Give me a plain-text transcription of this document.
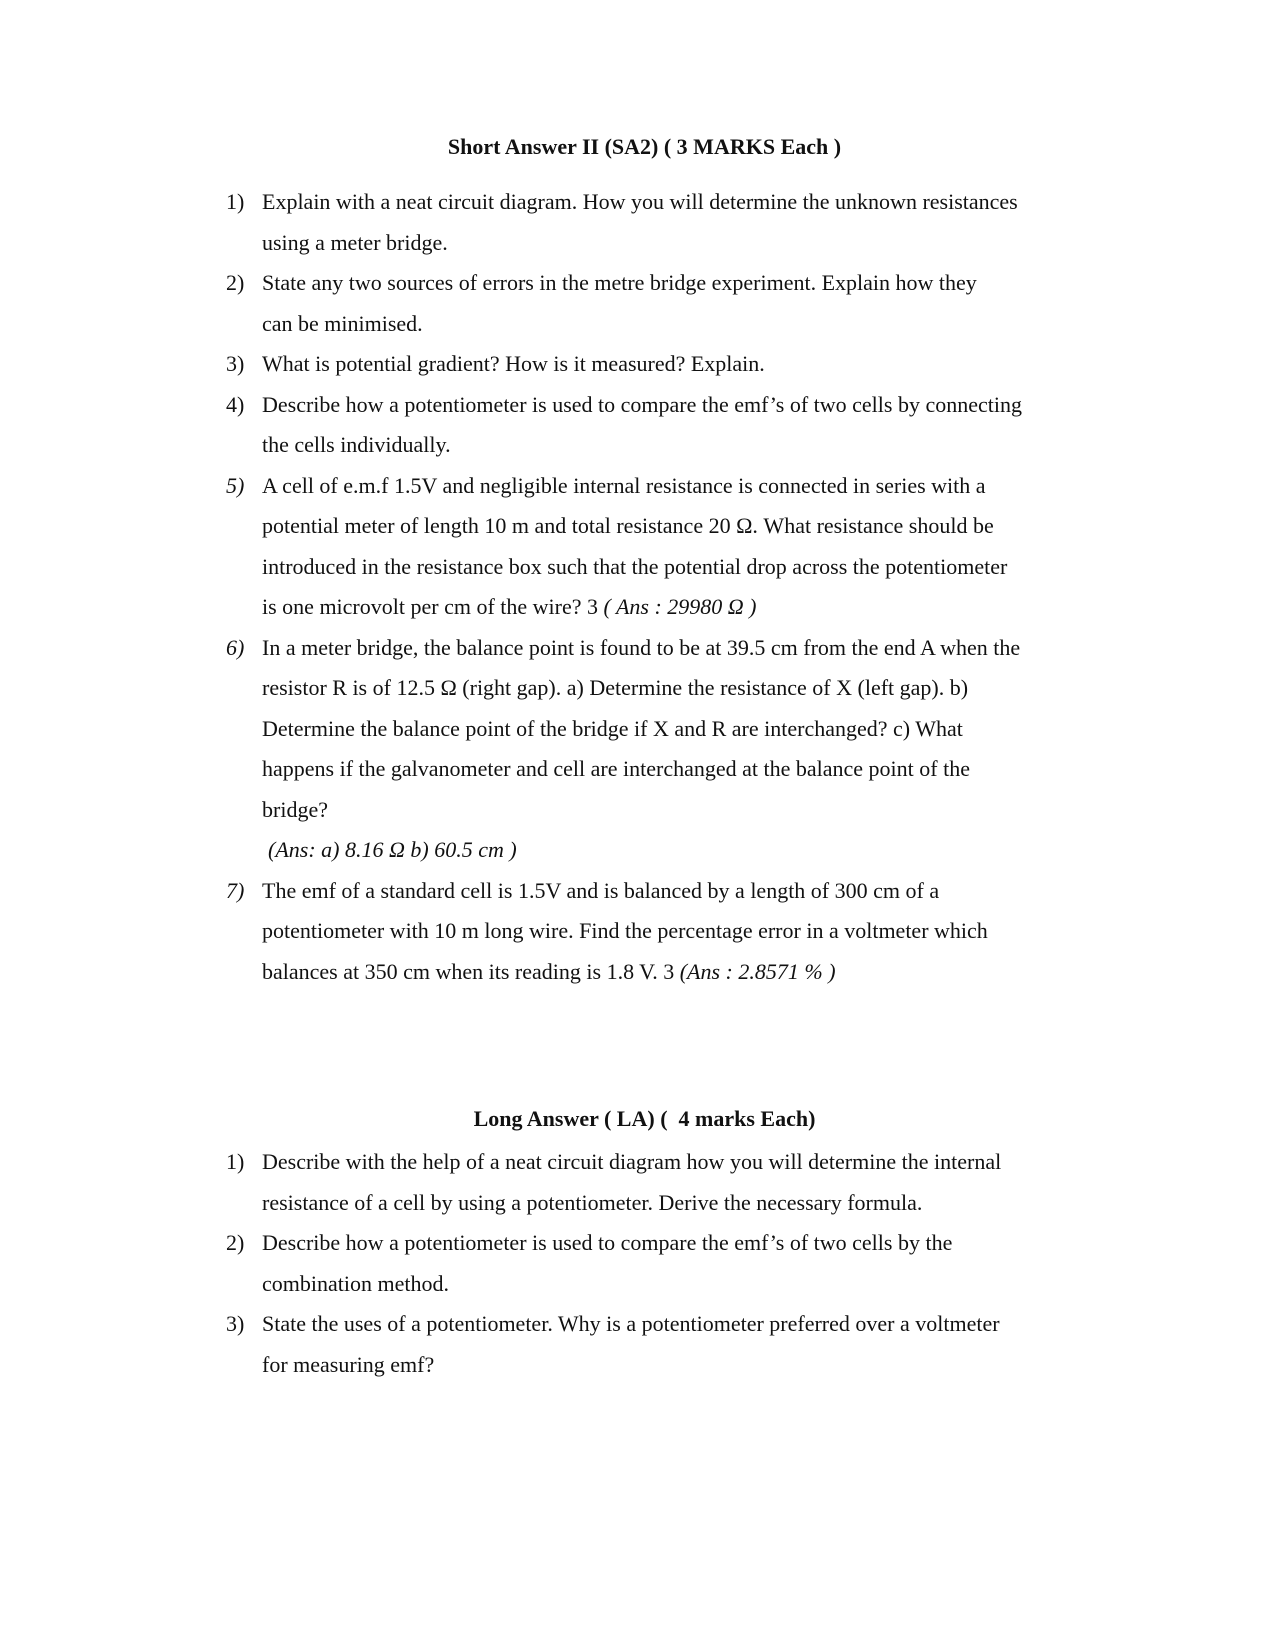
Short Answer II (SA2) ( 3 MARKS Each )
1) Explain with a neat circuit diagram. How you will determine the unknown resistances
using a meter bridge.
2) State any two sources of errors in the metre bridge experiment. Explain how they
can be minimised.
3) What is potential gradient? How is it measured? Explain.
4) Describe how a potentiometer is used to compare the emf’s of two cells by connecting
the cells individually.
5) A cell of e.m.f 1.5V and negligible internal resistance is connected in series with a
potential meter of length 10 m and total resistance 20 Ω. What resistance should be
introduced in the resistance box such that the potential drop across the potentiometer
is one microvolt per cm of the wire? 3 ( Ans : 29980 Ω )
6) In a meter bridge, the balance point is found to be at 39.5 cm from the end A when the
resistor R is of 12.5 Ω (right gap). a) Determine the resistance of X (left gap). b)
Determine the balance point of the bridge if X and R are interchanged? c) What
happens if the galvanometer and cell are interchanged at the balance point of the
bridge?
(Ans: a) 8.16 Ω b) 60.5 cm )
7) The emf of a standard cell is 1.5V and is balanced by a length of 300 cm of a
potentiometer with 10 m long wire. Find the percentage error in a voltmeter which
balances at 350 cm when its reading is 1.8 V. 3 (Ans : 2.8571 % )
Long Answer ( LA) (  4 marks Each)
1) Describe with the help of a neat circuit diagram how you will determine the internal
resistance of a cell by using a potentiometer. Derive the necessary formula.
2) Describe how a potentiometer is used to compare the emf’s of two cells by the
combination method.
3) State the uses of a potentiometer. Why is a potentiometer preferred over a voltmeter
for measuring emf?
